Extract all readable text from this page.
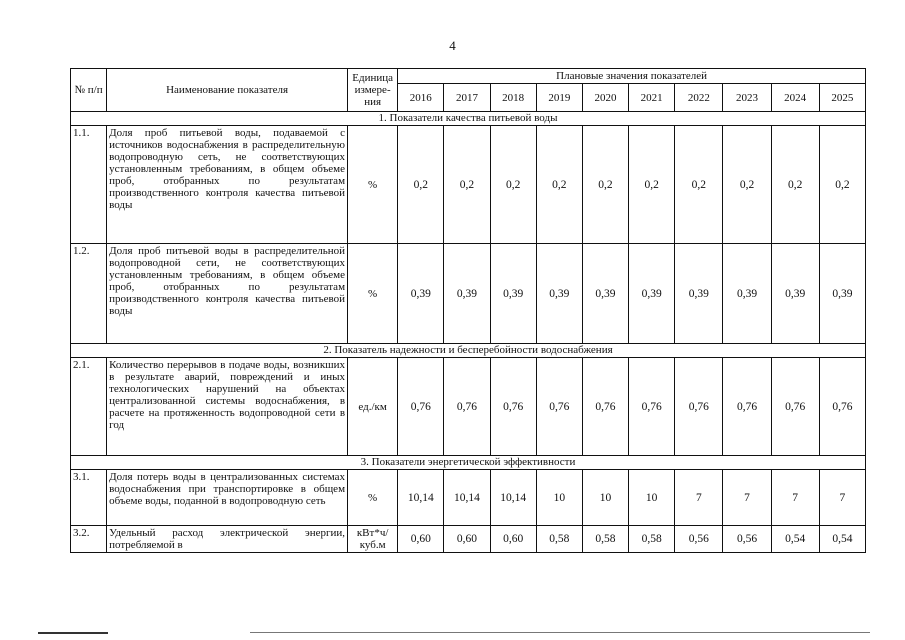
4
№ п/п	Наименование показателя	Единица измере- ния	Плановые значения показателей									
			2016	2017	2018	2019	2020	2021	2022	2023	2024	2025
1. Показатели качества питьевой воды												
1.1.	Доля проб питьевой воды, подаваемой с источников водоснабжения в распределительную водопроводную сеть, не соответствующих установленным требованиям, в общем объеме проб, отобранных по результатам производственного контроля качества питьевой воды	%	0,2	0,2	0,2	0,2	0,2	0,2	0,2	0,2	0,2	0,2
1.2.	Доля проб питьевой воды в распределительной водопроводной сети, не соответствующих установленным требованиям, в общем объеме проб, отобранных по результатам производственного контроля качества питьевой воды	%	0,39	0,39	0,39	0,39	0,39	0,39	0,39	0,39	0,39	0,39
2. Показатель надежности и бесперебойности водоснабжения												
2.1.	Количество перерывов в подаче воды, возникших в результате аварий, повреждений и иных технологических нарушений на объектах централизованной системы водоснабжения, в расчете на протяженность водопроводной сети в год	ед./км	0,76	0,76	0,76	0,76	0,76	0,76	0,76	0,76	0,76	0,76
3. Показатели энергетической эффективности												
3.1.	Доля потерь воды в централизованных системах водоснабжения при транспортировке в общем объеме воды, поданной в водопроводную сеть	%	10,14	10,14	10,14	10	10	10	7	7	7	7
3.2.	Удельный расход электрической энергии, потребляемой в	кВт*ч/ куб.м	0,60	0,60	0,60	0,58	0,58	0,58	0,56	0,56	0,54	0,54
